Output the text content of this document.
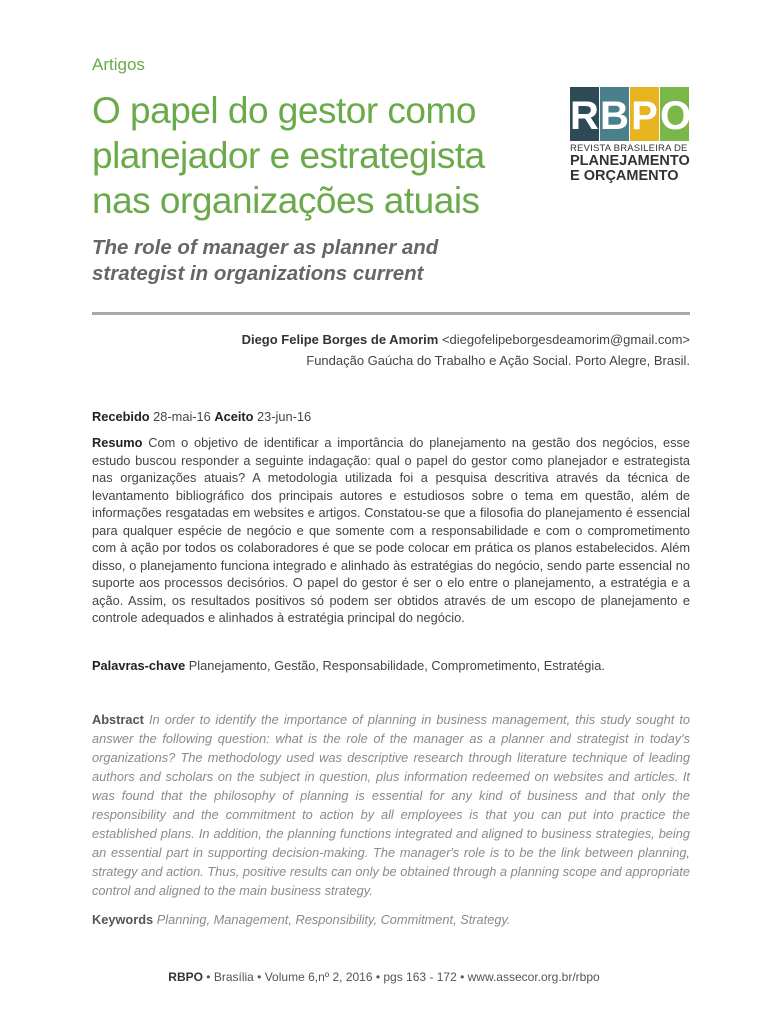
Artigos
O papel do gestor como planejador e estrategista nas organizações atuais
The role of manager as planner and strategist in organizations current
R B P O
REVISTA BRASILEIRA DE
PLANEJAMENTO
E ORÇAMENTO
Diego Felipe Borges de Amorim <diegofelipeborgesdeamorim@gmail.com>
Fundação Gaúcha do Trabalho e Ação Social. Porto Alegre, Brasil.
Recebido 28-mai-16 Aceito 23-jun-16

Resumo Com o objetivo de identificar a importância do planejamento na gestão dos negócios, esse estudo buscou responder a seguinte indagação: qual o papel do gestor como planejador e estrategista nas organizações atuais? A metodologia utilizada foi a pesquisa descritiva através da técnica de levantamento bibliográfico dos principais autores e estudiosos sobre o tema em questão, além de informações resgatadas em websites e artigos. Constatou-se que a filosofia do planejamento é essencial para qualquer espécie de negócio e que somente com a responsabilidade e com o comprometimento com à ação por todos os colaboradores é que se pode colocar em prática os planos estabelecidos. Além disso, o planejamento funciona integrado e alinhado às estratégias do negócio, sendo parte essencial no suporte aos processos decisórios. O papel do gestor é ser o elo entre o planejamento, a estratégia e a ação. Assim, os resultados positivos só podem ser obtidos através de um escopo de planejamento e controle adequados e alinhados à estratégia principal do negócio.

Palavras-chave Planejamento, Gestão, Responsabilidade, Comprometimento, Estratégia.

Abstract In order to identify the importance of planning in business management, this study sought to answer the following question: what is the role of the manager as a planner and strategist in today's organizations? The methodology used was descriptive research through literature technique of leading authors and scholars on the subject in question, plus information redeemed on websites and articles. It was found that the philosophy of planning is essential for any kind of business and that only the responsibility and the commitment to action by all employees is that you can put into practice the established plans. In addition, the planning functions integrated and aligned to business strategies, being an essential part in supporting decision-making. The manager's role is to be the link between planning, strategy and action. Thus, positive results can only be obtained through a planning scope and appropriate control and aligned to the main business strategy.

Keywords Planning, Management, Responsibility, Commitment, Strategy.

RBPO • Brasília • Volume 6,nº 2, 2016 • pgs 163 - 172 • www.assecor.org.br/rbpo
